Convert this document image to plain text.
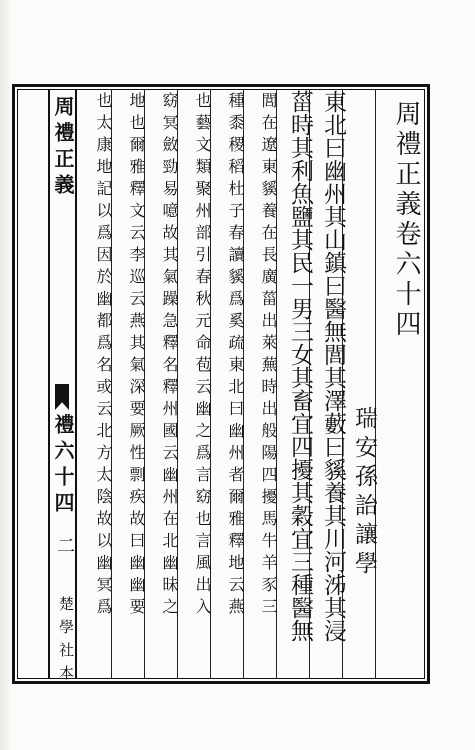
周禮正義
禮六十四
二
楚學社本
周禮正義卷六十四
瑞安孫詒讓學
東北曰幽州其山鎮曰醫無閭其澤藪曰貕養其川河泲其浸
菑時其利魚鹽其民一男三女其畜宜四擾其穀宜三種醫無
閭在遼東貕養在長廣菑出萊蕪時出般陽四擾馬牛羊豕三
種黍稷稻杜子春讀貕爲奚疏東北曰幽州者爾雅釋地云燕
也藝文類聚州部引春秋元命苞云幽之爲言窈也言風出入
窈冥斂勁易噫故其氣躁急釋名釋州國云幽州在北幽昧之
地也爾雅釋文云李巡云燕其氣深要厥性剽疾故曰幽幽要
也太康地記以爲因於幽都爲名或云北方太陰故以幽冥爲
